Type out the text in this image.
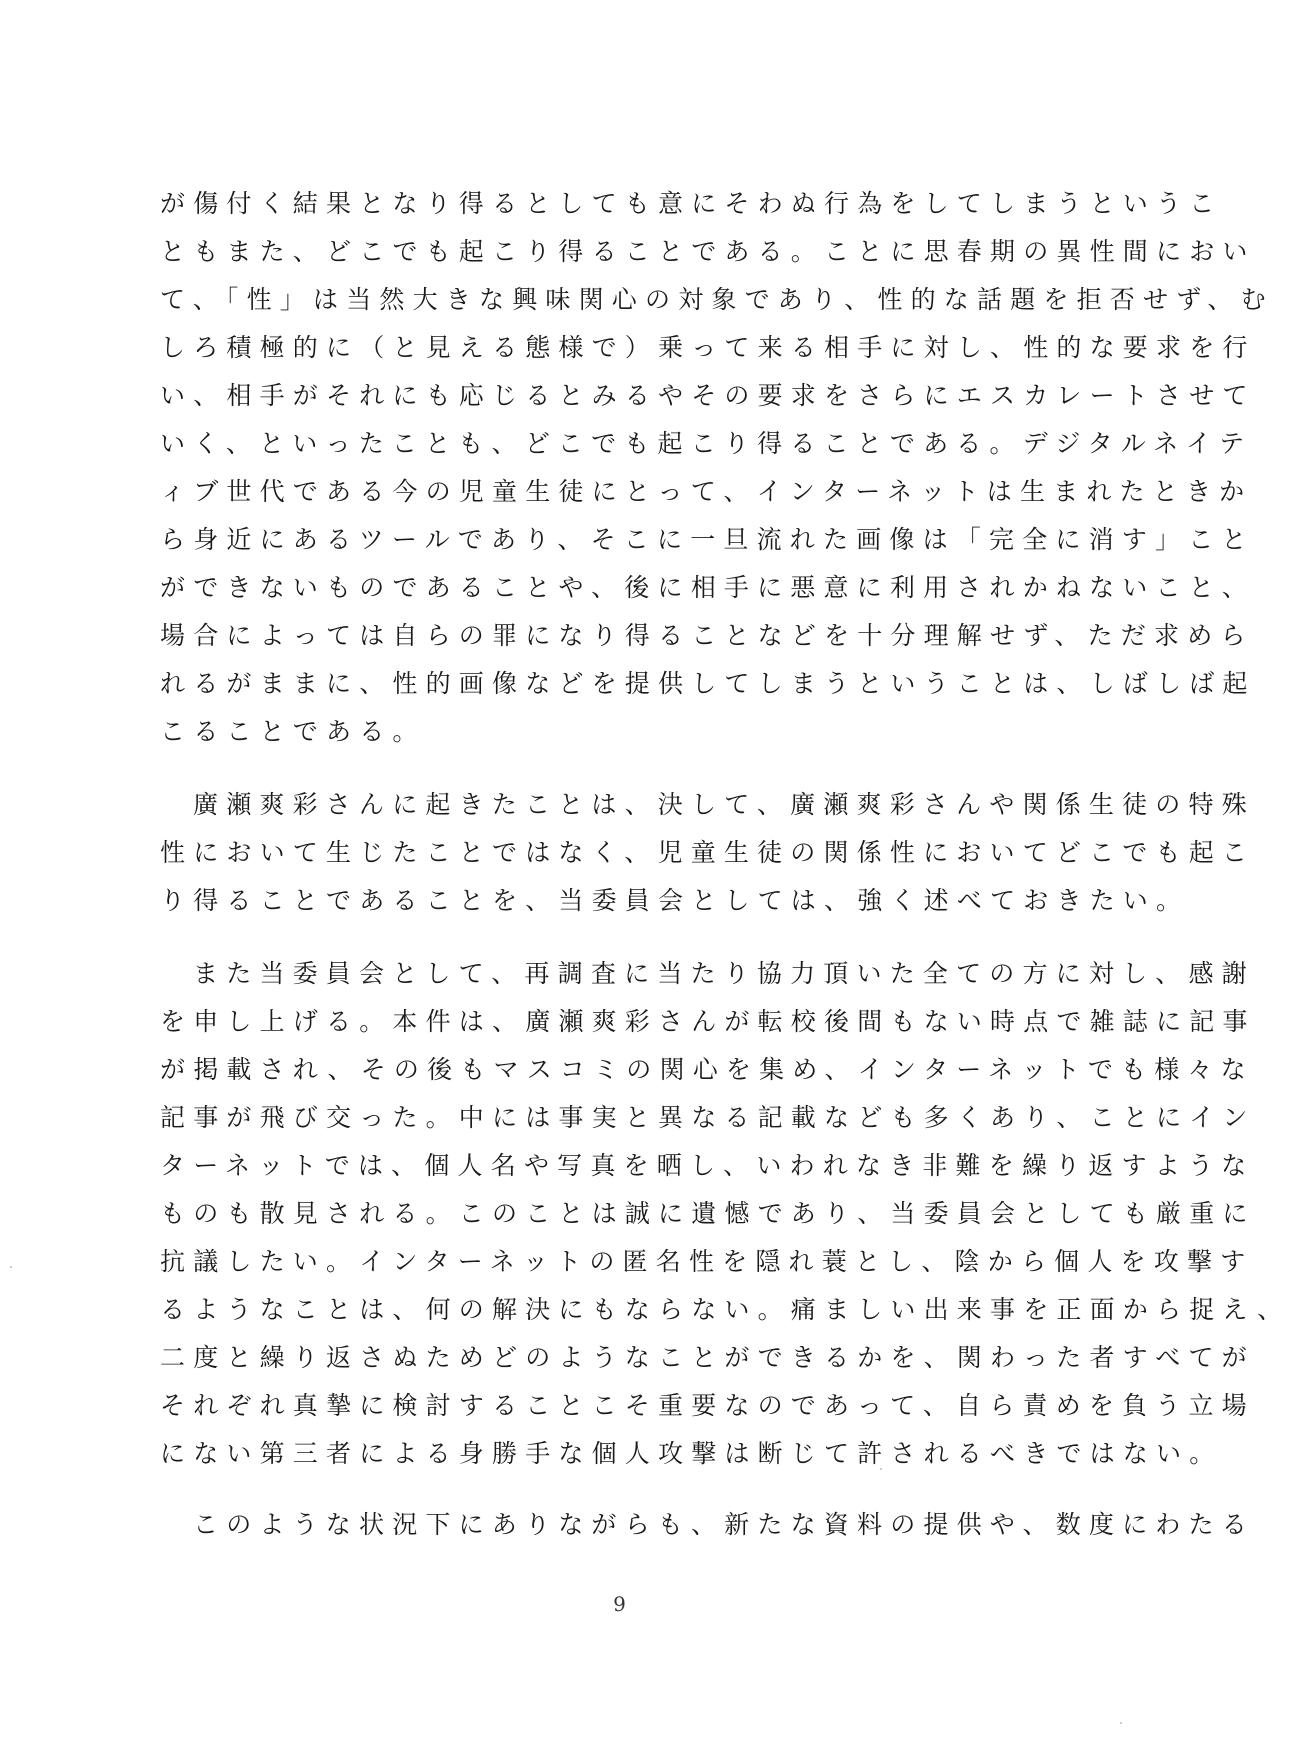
が傷付く結果となり得るとしても意にそわぬ行為をしてしまうというこ
ともまた、どこでも起こり得ることである。ことに思春期の異性間におい
て、「性」は当然大きな興味関心の対象であり、性的な話題を拒否せず、む
しろ積極的に（と見える態様で）乗って来る相手に対し、性的な要求を行
い、相手がそれにも応じるとみるやその要求をさらにエスカレートさせて
いく、といったことも、どこでも起こり得ることである。デジタルネイテ
ィブ世代である今の児童生徒にとって、インターネットは生まれたときか
ら身近にあるツールであり、そこに一旦流れた画像は「完全に消す」こと
ができないものであることや、後に相手に悪意に利用されかねないこと、
場合によっては自らの罪になり得ることなどを十分理解せず、ただ求めら
れるがままに、性的画像などを提供してしまうということは、しばしば起
こることである。
廣瀬爽彩さんに起きたことは、決して、廣瀬爽彩さんや関係生徒の特殊
性において生じたことではなく、児童生徒の関係性においてどこでも起こ
り得ることであることを、当委員会としては、強く述べておきたい。
また当委員会として、再調査に当たり協力頂いた全ての方に対し、感謝
を申し上げる。本件は、廣瀬爽彩さんが転校後間もない時点で雑誌に記事
が掲載され、その後もマスコミの関心を集め、インターネットでも様々な
記事が飛び交った。中には事実と異なる記載なども多くあり、ことにイン
ターネットでは、個人名や写真を晒し、いわれなき非難を繰り返すような
ものも散見される。このことは誠に遺憾であり、当委員会としても厳重に
抗議したい。インターネットの匿名性を隠れ蓑とし、陰から個人を攻撃す
るようなことは、何の解決にもならない。痛ましい出来事を正面から捉え、
二度と繰り返さぬためどのようなことができるかを、関わった者すべてが
それぞれ真摯に検討することこそ重要なのであって、自ら責めを負う立場
にない第三者による身勝手な個人攻撃は断じて許されるべきではない。
このような状況下にありながらも、新たな資料の提供や、数度にわたる
9
